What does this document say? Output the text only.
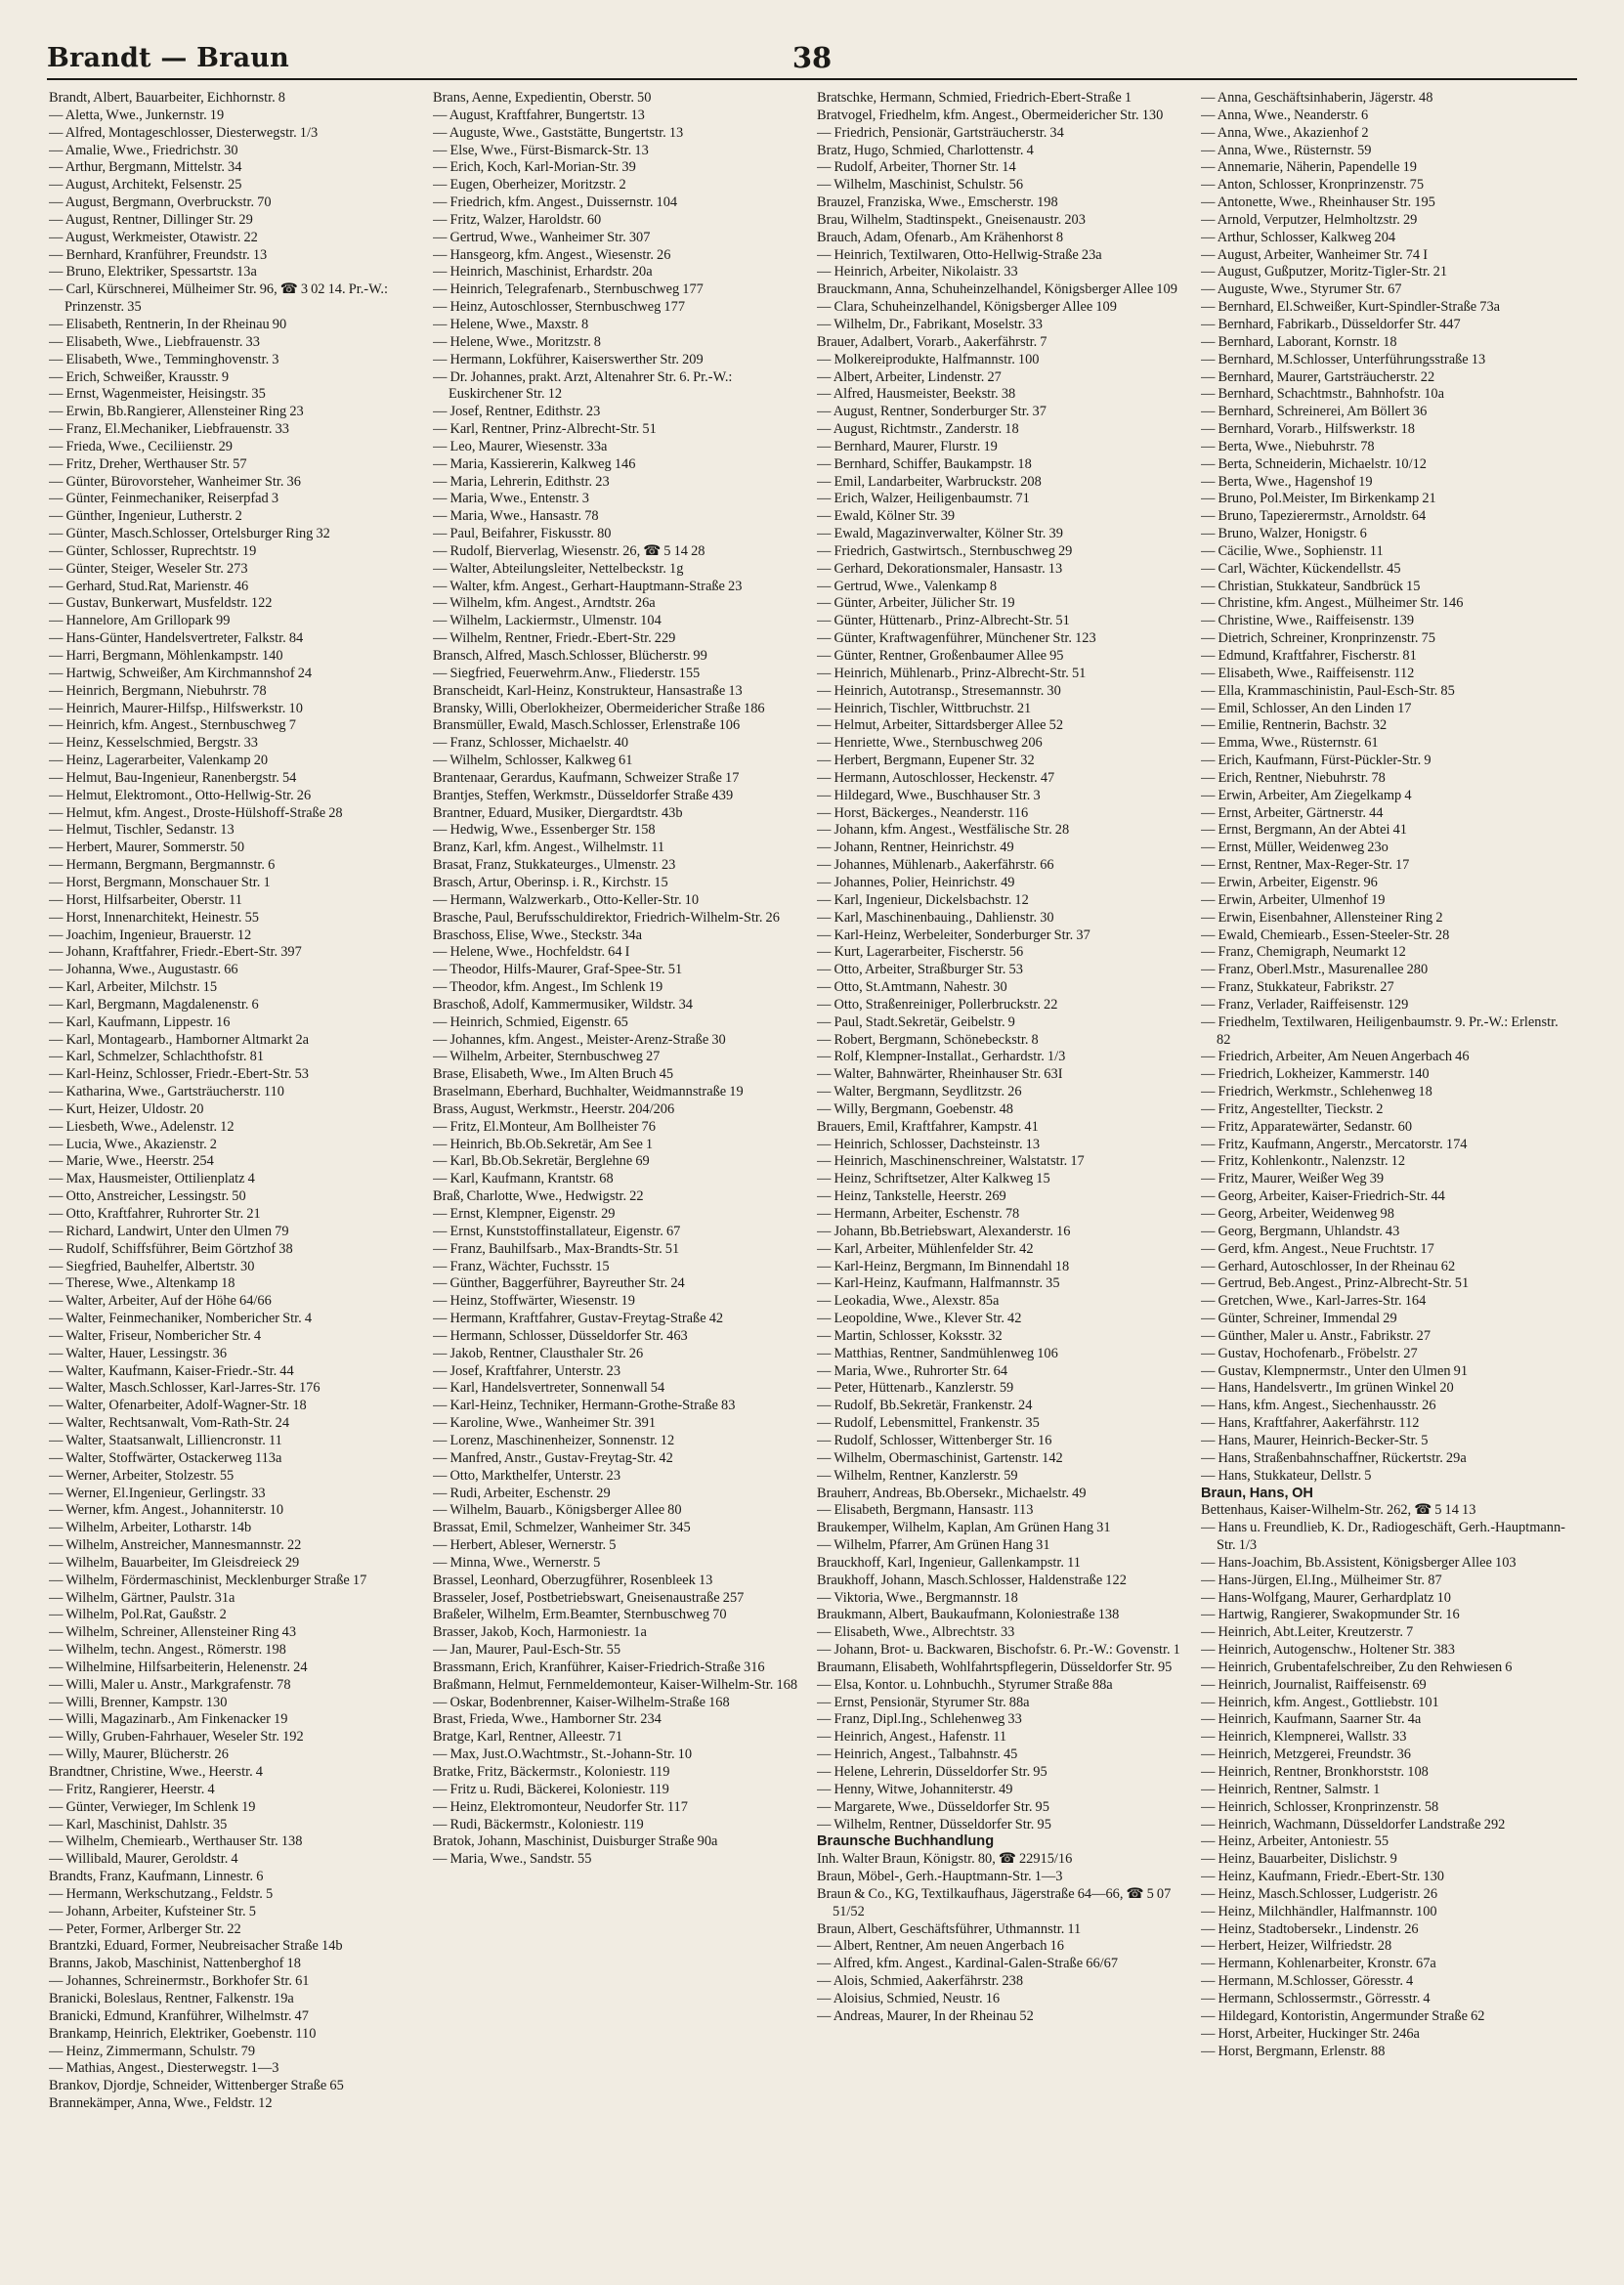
Brandt — Braun	38

Brandt, Albert, Bauarbeiter, Eichhornstr. 8

— Aletta, Wwe., Junkernstr. 19

— Alfred, Montageschlosser, Diesterwegstr. 1/3

— Amalie, Wwe., Friedrichstr. 30

— Arthur, Bergmann, Mittelstr. 34

— August, Architekt, Felsenstr. 25

— August, Bergmann, Overbruckstr. 70

— August, Rentner, Dillinger Str. 29

— August, Werkmeister, Otawistr. 22

— Bernhard, Kranführer, Freundstr. 13

— Bruno, Elektriker, Spessartstr. 13a

— Carl, Kürschnerei, Mülheimer Str. 96, ☎ 3 02 14. Pr.-W.: Prinzenstr. 35

— Elisabeth, Rentnerin, In der Rheinau 90

— Elisabeth, Wwe., Liebfrauenstr. 33

— Elisabeth, Wwe., Temminghovenstr. 3

— Erich, Schweißer, Krausstr. 9

— Ernst, Wagenmeister, Heisingstr. 35

— Erwin, Bb.Rangierer, Allensteiner Ring 23

— Franz, El.Mechaniker, Liebfrauenstr. 33

— Frieda, Wwe., Ceciliienstr. 29

— Fritz, Dreher, Werthauser Str. 57

— Günter, Bürovorsteher, Wanheimer Str. 36

— Günter, Feinmechaniker, Reiserpfad 3

— Günther, Ingenieur, Lutherstr. 2

— Günter, Masch.Schlosser, Ortelsburger Ring 32

— Günter, Schlosser, Ruprechtstr. 19

— Günter, Steiger, Weseler Str. 273

— Gerhard, Stud.Rat, Marienstr. 46

— Gustav, Bunkerwart, Musfeldstr. 122

— Hannelore, Am Grillopark 99

— Hans-Günter, Handelsvertreter, Falkstr. 84

— Harri, Bergmann, Möhlenkampstr. 140

— Hartwig, Schweißer, Am Kirchmannshof 24

— Heinrich, Bergmann, Niebuhrstr. 78

— Heinrich, Maurer-Hilfsp., Hilfswerkstr. 10

— Heinrich, kfm. Angest., Sternbuschweg 7

— Heinz, Kesselschmied, Bergstr. 33

— Heinz, Lagerarbeiter, Valenkamp 20

— Helmut, Bau-Ingenieur, Ranenbergstr. 54

— Helmut, Elektromont., Otto-Hellwig-Str. 26

— Helmut, kfm. Angest., Droste-Hülshoff-Straße 28

— Helmut, Tischler, Sedanstr. 13

— Herbert, Maurer, Sommerstr. 50

— Hermann, Bergmann, Bergmannstr. 6

— Horst, Bergmann, Monschauer Str. 1

— Horst, Hilfsarbeiter, Oberstr. 11

— Horst, Innenarchitekt, Heinestr. 55

— Joachim, Ingenieur, Brauerstr. 12

— Johann, Kraftfahrer, Friedr.-Ebert-Str. 397

— Johanna, Wwe., Augustastr. 66

— Karl, Arbeiter, Milchstr. 15

— Karl, Bergmann, Magdalenenstr. 6

— Karl, Kaufmann, Lippestr. 16

— Karl, Montagearb., Hamborner Altmarkt 2a

— Karl, Schmelzer, Schlachthofstr. 81

— Karl-Heinz, Schlosser, Friedr.-Ebert-Str. 53

— Katharina, Wwe., Gartsträucherstr. 110

— Kurt, Heizer, Uldostr. 20

— Liesbeth, Wwe., Adelenstr. 12

— Lucia, Wwe., Akazienstr. 2

— Marie, Wwe., Heerstr. 254

— Max, Hausmeister, Ottilienplatz 4

— Otto, Anstreicher, Lessingstr. 50

— Otto, Kraftfahrer, Ruhrorter Str. 21

— Richard, Landwirt, Unter den Ulmen 79

— Rudolf, Schiffsführer, Beim Görtzhof 38

— Siegfried, Bauhelfer, Albertstr. 30

— Therese, Wwe., Altenkamp 18

— Walter, Arbeiter, Auf der Höhe 64/66

— Walter, Feinmechaniker, Nombericher Str. 4

— Walter, Friseur, Nombericher Str. 4

— Walter, Hauer, Lessingstr. 36

— Walter, Kaufmann, Kaiser-Friedr.-Str. 44

— Walter, Masch.Schlosser, Karl-Jarres-Str. 176

— Walter, Ofenarbeiter, Adolf-Wagner-Str. 18

— Walter, Rechtsanwalt, Vom-Rath-Str. 24

— Walter, Staatsanwalt, Lilliencronstr. 11

— Walter, Stoffwärter, Ostackerweg 113a

— Werner, Arbeiter, Stolzestr. 55

— Werner, El.Ingenieur, Gerlingstr. 33

— Werner, kfm. Angest., Johanniterstr. 10

— Wilhelm, Arbeiter, Lotharstr. 14b

— Wilhelm, Anstreicher, Mannesmannstr. 22

— Wilhelm, Bauarbeiter, Im Gleisdreieck 29

— Wilhelm, Fördermaschinist, Mecklenburger Straße 17

— Wilhelm, Gärtner, Paulstr. 31a

— Wilhelm, Pol.Rat, Gaußstr. 2

— Wilhelm, Schreiner, Allensteiner Ring 43

— Wilhelm, techn. Angest., Römerstr. 198

— Wilhelmine, Hilfsarbeiterin, Helenenstr. 24

— Willi, Maler u. Anstr., Markgrafenstr. 78

— Willi, Brenner, Kampstr. 130

— Willi, Magazinarb., Am Finkenacker 19

— Willy, Gruben-Fahrhauer, Weseler Str. 192

— Willy, Maurer, Blücherstr. 26

Brandtner, Christine, Wwe., Heerstr. 4

— Fritz, Rangierer, Heerstr. 4

— Günter, Verwieger, Im Schlenk 19

— Karl, Maschinist, Dahlstr. 35

— Wilhelm, Chemiearb., Werthauser Str. 138

— Willibald, Maurer, Geroldstr. 4

Brandts, Franz, Kaufmann, Linnestr. 6

— Hermann, Werkschutzang., Feldstr. 5

— Johann, Arbeiter, Kufsteiner Str. 5

— Peter, Former, Arlberger Str. 22

Brantzki, Eduard, Former, Neubreisacher Straße 14b

Branns, Jakob, Maschinist, Nattenberghof 18

— Johannes, Schreinermstr., Borkhofer Str. 61

Branicki, Boleslaus, Rentner, Falkenstr. 19a

Branicki, Edmund, Kranführer, Wilhelmstr. 47

Brankamp, Heinrich, Elektriker, Goebenstr. 110

— Heinz, Zimmermann, Schulstr. 79

— Mathias, Angest., Diesterwegstr. 1—3

Brankov, Djordje, Schneider, Wittenberger Straße 65

Brannekämper, Anna, Wwe., Feldstr. 12

Brans, Aenne, Expedientin, Oberstr. 50

— August, Kraftfahrer, Bungertstr. 13

— Auguste, Wwe., Gaststätte, Bungertstr. 13

— Else, Wwe., Fürst-Bismarck-Str. 13

— Erich, Koch, Karl-Morian-Str. 39

— Eugen, Oberheizer, Moritzstr. 2

— Friedrich, kfm. Angest., Duissernstr. 104

— Fritz, Walzer, Haroldstr. 60

— Gertrud, Wwe., Wanheimer Str. 307

— Hansgeorg, kfm. Angest., Wiesenstr. 26

— Heinrich, Maschinist, Erhardstr. 20a

— Heinrich, Telegrafenarb., Sternbuschweg 177

— Heinz, Autoschlosser, Sternbuschweg 177

— Helene, Wwe., Maxstr. 8

— Helene, Wwe., Moritzstr. 8

— Hermann, Lokführer, Kaiserswerther Str. 209

— Dr. Johannes, prakt. Arzt, Altenahrer Str. 6. Pr.-W.: Euskirchener Str. 12

— Josef, Rentner, Edithstr. 23

— Karl, Rentner, Prinz-Albrecht-Str. 51

— Leo, Maurer, Wiesenstr. 33a

— Maria, Kassiererin, Kalkweg 146

— Maria, Lehrerin, Edithstr. 23

— Maria, Wwe., Entenstr. 3

— Maria, Wwe., Hansastr. 78

— Paul, Beifahrer, Fiskusstr. 80

— Rudolf, Bierverlag, Wiesenstr. 26, ☎ 5 14 28

— Walter, Abteilungsleiter, Nettelbeckstr. 1g

— Walter, kfm. Angest., Gerhart-Hauptmann-Straße 23

— Wilhelm, kfm. Angest., Arndtstr. 26a

— Wilhelm, Lackiermstr., Ulmenstr. 104

— Wilhelm, Rentner, Friedr.-Ebert-Str. 229

Bransch, Alfred, Masch.Schlosser, Blücherstr. 99

— Siegfried, Feuerwehrm.Anw., Fliederstr. 155

Branscheidt, Karl-Heinz, Konstrukteur, Hansastraße 13

Bransky, Willi, Oberlokheizer, Obermeidericher Straße 186

Bransmüller, Ewald, Masch.Schlosser, Erlenstraße 106

— Franz, Schlosser, Michaelstr. 40

— Wilhelm, Schlosser, Kalkweg 61

Brantenaar, Gerardus, Kaufmann, Schweizer Straße 17

Brantjes, Steffen, Werkmstr., Düsseldorfer Straße 439

Brantner, Eduard, Musiker, Diergardtstr. 43b

— Hedwig, Wwe., Essenberger Str. 158

Branz, Karl, kfm. Angest., Wilhelmstr. 11

Brasat, Franz, Stukkateurges., Ulmenstr. 23

Brasch, Artur, Oberinsp. i. R., Kirchstr. 15

— Hermann, Walzwerkarb., Otto-Keller-Str. 10

Brasche, Paul, Berufsschuldirektor, Friedrich-Wilhelm-Str. 26

Braschoss, Elise, Wwe., Steckstr. 34a

— Helene, Wwe., Hochfeldstr. 64 I

— Theodor, Hilfs-Maurer, Graf-Spee-Str. 51

— Theodor, kfm. Angest., Im Schlenk 19

Braschoß, Adolf, Kammermusiker, Wildstr. 34

— Heinrich, Schmied, Eigenstr. 65

— Johannes, kfm. Angest., Meister-Arenz-Straße 30

— Wilhelm, Arbeiter, Sternbuschweg 27

Brase, Elisabeth, Wwe., Im Alten Bruch 45

Braselmann, Eberhard, Buchhalter, Weidmannstraße 19

Brass, August, Werkmstr., Heerstr. 204/206

— Fritz, El.Monteur, Am Bollheister 76

— Heinrich, Bb.Ob.Sekretär, Am See 1

— Karl, Bb.Ob.Sekretär, Berglehne 69

— Karl, Kaufmann, Krantstr. 68

Braß, Charlotte, Wwe., Hedwigstr. 22

— Ernst, Klempner, Eigenstr. 29

— Ernst, Kunststoffinstallateur, Eigenstr. 67

— Franz, Bauhilfsarb., Max-Brandts-Str. 51

— Franz, Wächter, Fuchsstr. 15

— Günther, Baggerführer, Bayreuther Str. 24

— Heinz, Stoffwärter, Wiesenstr. 19

— Hermann, Kraftfahrer, Gustav-Freytag-Straße 42

— Hermann, Schlosser, Düsseldorfer Str. 463

— Jakob, Rentner, Clausthaler Str. 26

— Josef, Kraftfahrer, Unterstr. 23

— Karl, Handelsvertreter, Sonnenwall 54

— Karl-Heinz, Techniker, Hermann-Grothe-Straße 83

— Karoline, Wwe., Wanheimer Str. 391

— Lorenz, Maschinenheizer, Sonnenstr. 12

— Manfred, Anstr., Gustav-Freytag-Str. 42

— Otto, Markthelfer, Unterstr. 23

— Rudi, Arbeiter, Eschenstr. 29

— Wilhelm, Bauarb., Königsberger Allee 80

Brassat, Emil, Schmelzer, Wanheimer Str. 345

— Herbert, Ableser, Wernerstr. 5

— Minna, Wwe., Wernerstr. 5

Brassel, Leonhard, Oberzugführer, Rosenbleek 13

Brasseler, Josef, Postbetriebswart, Gneisenaustraße 257

Braßeler, Wilhelm, Erm.Beamter, Sternbuschweg 70

Brasser, Jakob, Koch, Harmoniestr. 1a

— Jan, Maurer, Paul-Esch-Str. 55

Brassmann, Erich, Kranführer, Kaiser-Friedrich-Straße 316

Braßmann, Helmut, Fernmeldemonteur, Kaiser-Wilhelm-Str. 168

— Oskar, Bodenbrenner, Kaiser-Wilhelm-Straße 168

Brast, Frieda, Wwe., Hamborner Str. 234

Bratge, Karl, Rentner, Alleestr. 71

— Max, Just.O.Wachtmstr., St.-Johann-Str. 10

Bratke, Fritz, Bäckermstr., Koloniestr. 119

— Fritz u. Rudi, Bäckerei, Koloniestr. 119

— Heinz, Elektromonteur, Neudorfer Str. 117

— Rudi, Bäckermstr., Koloniestr. 119

Bratok, Johann, Maschinist, Duisburger Straße 90a

— Maria, Wwe., Sandstr. 55

Bratschke, Hermann, Schmied, Friedrich-Ebert-Straße 1

Bratvogel, Friedhelm, kfm. Angest., Obermeidericher Str. 130

— Friedrich, Pensionär, Gartsträucherstr. 34

Bratz, Hugo, Schmied, Charlottenstr. 4

— Rudolf, Arbeiter, Thorner Str. 14

— Wilhelm, Maschinist, Schulstr. 56

Brauzel, Franziska, Wwe., Emscherstr. 198

Brau, Wilhelm, Stadtinspekt., Gneisenaustr. 203

Brauch, Adam, Ofenarb., Am Krähenhorst 8

— Heinrich, Textilwaren, Otto-Hellwig-Straße 23a

— Heinrich, Arbeiter, Nikolaistr. 33

Brauckmann, Anna, Schuheinzelhandel, Königsberger Allee 109

— Clara, Schuheinzelhandel, Königsberger Allee 109

— Wilhelm, Dr., Fabrikant, Moselstr. 33

Brauer, Adalbert, Vorarb., Aakerfährstr. 7

— Molkereiprodukte, Halfmannstr. 100

— Albert, Arbeiter, Lindenstr. 27

— Alfred, Hausmeister, Beekstr. 38

— August, Rentner, Sonderburger Str. 37

— August, Richtmstr., Zanderstr. 18

— Bernhard, Maurer, Flurstr. 19

— Bernhard, Schiffer, Baukampstr. 18

— Emil, Landarbeiter, Warbruckstr. 208

— Erich, Walzer, Heiligenbaumstr. 71

— Ewald, Kölner Str. 39

— Ewald, Magazinverwalter, Kölner Str. 39

— Friedrich, Gastwirtsch., Sternbuschweg 29

— Gerhard, Dekorationsmaler, Hansastr. 13

— Gertrud, Wwe., Valenkamp 8

— Günter, Arbeiter, Jülicher Str. 19

— Günter, Hüttenarb., Prinz-Albrecht-Str. 51

— Günter, Kraftwagenführer, Münchener Str. 123

— Günter, Rentner, Großenbaumer Allee 95

— Heinrich, Mühlenarb., Prinz-Albrecht-Str. 51

— Heinrich, Autotransp., Stresemannstr. 30

— Heinrich, Tischler, Wittbruchstr. 21

— Helmut, Arbeiter, Sittardsberger Allee 52

— Henriette, Wwe., Sternbuschweg 206

— Herbert, Bergmann, Eupener Str. 32

— Hermann, Autoschlosser, Heckenstr. 47

— Hildegard, Wwe., Buschhauser Str. 3

— Horst, Bäckerges., Neanderstr. 116

— Johann, kfm. Angest., Westfälische Str. 28

— Johann, Rentner, Heinrichstr. 49

— Johannes, Mühlenarb., Aakerfährstr. 66

— Johannes, Polier, Heinrichstr. 49

— Karl, Ingenieur, Dickelsbachstr. 12

— Karl, Maschinenbauing., Dahlienstr. 30

— Karl-Heinz, Werbeleiter, Sonderburger Str. 37

— Kurt, Lagerarbeiter, Fischerstr. 56

— Otto, Arbeiter, Straßburger Str. 53

— Otto, St.Amtmann, Nahestr. 30

— Otto, Straßenreiniger, Pollerbruckstr. 22

— Paul, Stadt.Sekretär, Geibelstr. 9

— Robert, Bergmann, Schönebeckstr. 8

— Rolf, Klempner-Installat., Gerhardstr. 1/3

— Walter, Bahnwärter, Rheinhauser Str. 63I

— Walter, Bergmann, Seydlitzstr. 26

— Willy, Bergmann, Goebenstr. 48

Brauers, Emil, Kraftfahrer, Kampstr. 41

— Heinrich, Schlosser, Dachsteinstr. 13

— Heinrich, Maschinenschreiner, Walstatstr. 17

— Heinz, Schriftsetzer, Alter Kalkweg 15

— Heinz, Tankstelle, Heerstr. 269

— Hermann, Arbeiter, Eschenstr. 78

— Johann, Bb.Betriebswart, Alexanderstr. 16

— Karl, Arbeiter, Mühlenfelder Str. 42

— Karl-Heinz, Bergmann, Im Binnendahl 18

— Karl-Heinz, Kaufmann, Halfmannstr. 35

— Leokadia, Wwe., Alexstr. 85a

— Leopoldine, Wwe., Klever Str. 42

— Martin, Schlosser, Koksstr. 32

— Matthias, Rentner, Sandmühlenweg 106

— Maria, Wwe., Ruhrorter Str. 64

— Peter, Hüttenarb., Kanzlerstr. 59

— Rudolf, Bb.Sekretär, Frankenstr. 24

— Rudolf, Lebensmittel, Frankenstr. 35

— Rudolf, Schlosser, Wittenberger Str. 16

— Wilhelm, Obermaschinist, Gartenstr. 142

— Wilhelm, Rentner, Kanzlerstr. 59

Brauherr, Andreas, Bb.Obersekr., Michaelstr. 49

— Elisabeth, Bergmann, Hansastr. 113

Braukemper, Wilhelm, Kaplan, Am Grünen Hang 31

— Wilhelm, Pfarrer, Am Grünen Hang 31

Brauckhoff, Karl, Ingenieur, Gallenkampstr. 11

Braukhoff, Johann, Masch.Schlosser, Haldenstraße 122

— Viktoria, Wwe., Bergmannstr. 18

Braukmann, Albert, Baukaufmann, Koloniestraße 138

— Elisabeth, Wwe., Albrechtstr. 33

— Johann, Brot- u. Backwaren, Bischofstr. 6. Pr.-W.: Govenstr. 1

Braumann, Elisabeth, Wohlfahrtspflegerin, Düsseldorfer Str. 95

— Elsa, Kontor. u. Lohnbuchh., Styrumer Straße 88a

— Ernst, Pensionär, Styrumer Str. 88a

— Franz, Dipl.Ing., Schlehenweg 33

— Heinrich, Angest., Hafenstr. 11

— Heinrich, Angest., Talbahnstr. 45

— Helene, Lehrerin, Düsseldorfer Str. 95

— Henny, Witwe, Johanniterstr. 49

— Margarete, Wwe., Düsseldorfer Str. 95

— Wilhelm, Rentner, Düsseldorfer Str. 95

Braunsche Buchhandlung

Inh. Walter Braun, Königstr. 80, ☎ 22915/16

Braun, Möbel-, Gerh.-Hauptmann-Str. 1—3

Braun & Co., KG, Textilkaufhaus, Jägerstraße 64—66, ☎ 5 07 51/52

Braun, Albert, Geschäftsführer, Uthmannstr. 11

— Albert, Rentner, Am neuen Angerbach 16

— Alfred, kfm. Angest., Kardinal-Galen-Straße 66/67

— Alois, Schmied, Aakerfährstr. 238

— Aloisius, Schmied, Neustr. 16

— Andreas, Maurer, In der Rheinau 52

— Anna, Geschäftsinhaberin, Jägerstr. 48

— Anna, Wwe., Neanderstr. 6

— Anna, Wwe., Akazienhof 2

— Anna, Wwe., Rüsternstr. 59

— Annemarie, Näherin, Papendelle 19

— Anton, Schlosser, Kronprinzenstr. 75

— Antonette, Wwe., Rheinhauser Str. 195

— Arnold, Verputzer, Helmholtzstr. 29

— Arthur, Schlosser, Kalkweg 204

— August, Arbeiter, Wanheimer Str. 74 I

— August, Gußputzer, Moritz-Tigler-Str. 21

— Auguste, Wwe., Styrumer Str. 67

— Bernhard, El.Schweißer, Kurt-Spindler-Straße 73a

— Bernhard, Fabrikarb., Düsseldorfer Str. 447

— Bernhard, Laborant, Kornstr. 18

— Bernhard, M.Schlosser, Unterführungsstraße 13

— Bernhard, Maurer, Gartsträucherstr. 22

— Bernhard, Schachtmstr., Bahnhofstr. 10a

— Bernhard, Schreinerei, Am Böllert 36

— Bernhard, Vorarb., Hilfswerkstr. 18

— Berta, Wwe., Niebuhrstr. 78

— Berta, Schneiderin, Michaelstr. 10/12

— Berta, Wwe., Hagenshof 19

— Bruno, Pol.Meister, Im Birkenkamp 21

— Bruno, Tapezierermstr., Arnoldstr. 64

— Bruno, Walzer, Honigstr. 6

— Cäcilie, Wwe., Sophienstr. 11

— Carl, Wächter, Kückendellstr. 45

— Christian, Stukkateur, Sandbrück 15

— Christine, kfm. Angest., Mülheimer Str. 146

— Christine, Wwe., Raiffeisenstr. 139

— Dietrich, Schreiner, Kronprinzenstr. 75

— Edmund, Kraftfahrer, Fischerstr. 81

— Elisabeth, Wwe., Raiffeisenstr. 112

— Ella, Krammaschinistin, Paul-Esch-Str. 85

— Emil, Schlosser, An den Linden 17

— Emilie, Rentnerin, Bachstr. 32

— Emma, Wwe., Rüsternstr. 61

— Erich, Kaufmann, Fürst-Pückler-Str. 9

— Erich, Rentner, Niebuhrstr. 78

— Erwin, Arbeiter, Am Ziegelkamp 4

— Ernst, Arbeiter, Gärtnerstr. 44

— Ernst, Bergmann, An der Abtei 41

— Ernst, Müller, Weidenweg 23o

— Ernst, Rentner, Max-Reger-Str. 17

— Erwin, Arbeiter, Eigenstr. 96

— Erwin, Arbeiter, Ulmenhof 19

— Erwin, Eisenbahner, Allensteiner Ring 2

— Ewald, Chemiearb., Essen-Steeler-Str. 28

— Franz, Chemigraph, Neumarkt 12

— Franz, Oberl.Mstr., Masurenallee 280

— Franz, Stukkateur, Fabrikstr. 27

— Franz, Verlader, Raiffeisenstr. 129

— Friedhelm, Textilwaren, Heiligenbaumstr. 9. Pr.-W.: Erlenstr. 82

— Friedrich, Arbeiter, Am Neuen Angerbach 46

— Friedrich, Lokheizer, Kammerstr. 140

— Friedrich, Werkmstr., Schlehenweg 18

— Fritz, Angestellter, Tieckstr. 2

— Fritz, Apparatewärter, Sedanstr. 60

— Fritz, Kaufmann, Angerstr., Mercatorstr. 174

— Fritz, Kohlenkontr., Nalenzstr. 12

— Fritz, Maurer, Weißer Weg 39

— Georg, Arbeiter, Kaiser-Friedrich-Str. 44

— Georg, Arbeiter, Weidenweg 98

— Georg, Bergmann, Uhlandstr. 43

— Gerd, kfm. Angest., Neue Fruchtstr. 17

— Gerhard, Autoschlosser, In der Rheinau 62

— Gertrud, Beb.Angest., Prinz-Albrecht-Str. 51

— Gretchen, Wwe., Karl-Jarres-Str. 164

— Günter, Schreiner, Immendal 29

— Günther, Maler u. Anstr., Fabrikstr. 27

— Gustav, Hochofenarb., Fröbelstr. 27

— Gustav, Klempnermstr., Unter den Ulmen 91

— Hans, Handelsvertr., Im grünen Winkel 20

— Hans, kfm. Angest., Siechenhausstr. 26

— Hans, Kraftfahrer, Aakerfährstr. 112

— Hans, Maurer, Heinrich-Becker-Str. 5

— Hans, Straßenbahnschaffner, Rückertstr. 29a

— Hans, Stukkateur, Dellstr. 5

Braun, Hans, OH

Bettenhaus, Kaiser-Wilhelm-Str. 262, ☎ 5 14 13

— Hans u. Freundlieb, K. Dr., Radiogeschäft, Gerh.-Hauptmann-Str. 1/3

— Hans-Joachim, Bb.Assistent, Königsberger Allee 103

— Hans-Jürgen, El.Ing., Mülheimer Str. 87

— Hans-Wolfgang, Maurer, Gerhardplatz 10

— Hartwig, Rangierer, Swakopmunder Str. 16

— Heinrich, Abt.Leiter, Kreutzerstr. 7

— Heinrich, Autogenschw., Holtener Str. 383

— Heinrich, Grubentafelschreiber, Zu den Rehwiesen 6

— Heinrich, Journalist, Raiffeisenstr. 69

— Heinrich, kfm. Angest., Gottliebstr. 101

— Heinrich, Kaufmann, Saarner Str. 4a

— Heinrich, Klempnerei, Wallstr. 33

— Heinrich, Metzgerei, Freundstr. 36

— Heinrich, Rentner, Bronkhorststr. 108

— Heinrich, Rentner, Salmstr. 1

— Heinrich, Schlosser, Kronprinzenstr. 58

— Heinrich, Wachmann, Düsseldorfer Landstraße 292

— Heinz, Arbeiter, Antoniestr. 55

— Heinz, Bauarbeiter, Dislichstr. 9

— Heinz, Kaufmann, Friedr.-Ebert-Str. 130

— Heinz, Masch.Schlosser, Ludgeristr. 26

— Heinz, Milchhändler, Halfmannstr. 100

— Heinz, Stadtobersekr., Lindenstr. 26

— Herbert, Heizer, Wilfriedstr. 28

— Hermann, Kohlenarbeiter, Kronstr. 67a

— Hermann, M.Schlosser, Göresstr. 4

— Hermann, Schlossermstr., Görresstr. 4

— Hildegard, Kontoristin, Angermunder Straße 62

— Horst, Arbeiter, Huckinger Str. 246a

— Horst, Bergmann, Erlenstr. 88
